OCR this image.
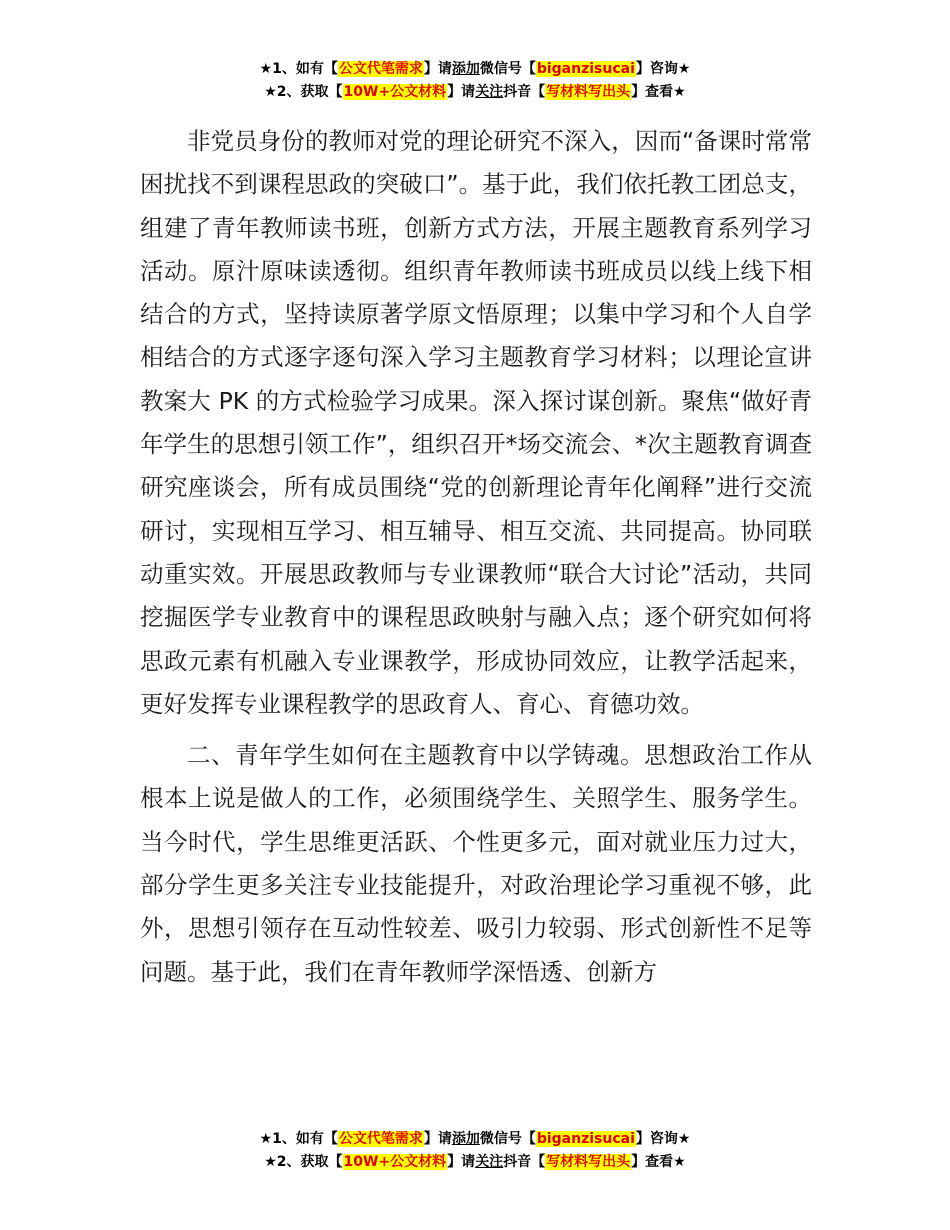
★1、如有【公文代笔需求】请添加微信号【biganzisucai】咨询★
★2、获取【10W+公文材料】请关注抖音【写材料写出头】查看★

非党员身份的教师对党的理论研究不深入，因而“备课时常常困扰找不到课程思政的突破口”。基于此，我们依托教工团总支，组建了青年教师读书班，创新方式方法，开展主题教育系列学习活动。原汁原味读透彻。组织青年教师读书班成员以线上线下相结合的方式，坚持读原著学原文悟原理；以集中学习和个人自学相结合的方式逐字逐句深入学习主题教育学习材料；以理论宣讲教案大 PK 的方式检验学习成果。深入探讨谋创新。聚焦“做好青年学生的思想引领工作”，组织召开*场交流会、*次主题教育调查研究座谈会，所有成员围绕“党的创新理论青年化阐释”进行交流研讨，实现相互学习、相互辅导、相互交流、共同提高。协同联动重实效。开展思政教师与专业课教师“联合大讨论”活动，共同挖掘医学专业教育中的课程思政映射与融入点；逐个研究如何将思政元素有机融入专业课教学，形成协同效应，让教学活起来，更好发挥专业课程教学的思政育人、育心、育德功效。

二、青年学生如何在主题教育中以学铸魂。思想政治工作从根本上说是做人的工作，必须围绕学生、关照学生、服务学生。当今时代，学生思维更活跃、个性更多元，面对就业压力过大，部分学生更多关注专业技能提升，对政治理论学习重视不够，此外，思想引领存在互动性较差、吸引力较弱、形式创新性不足等问题。基于此，我们在青年教师学深悟透、创新方

★1、如有【公文代笔需求】请添加微信号【biganzisucai】咨询★
★2、获取【10W+公文材料】请关注抖音【写材料写出头】查看★
